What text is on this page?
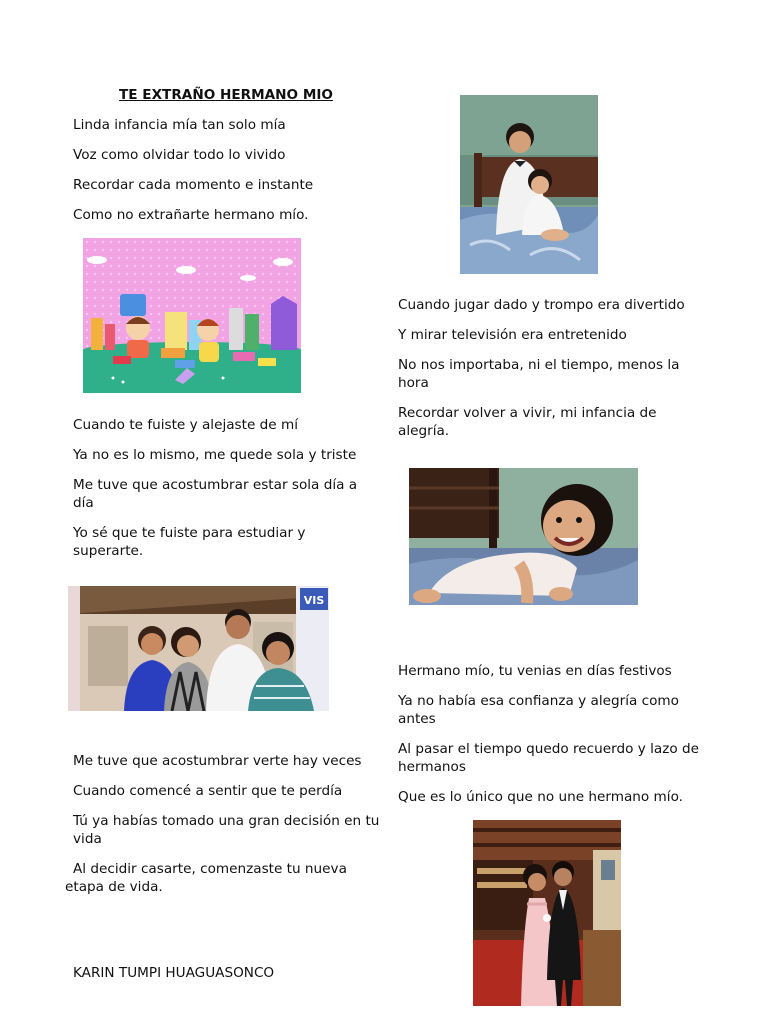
TE EXTRAÑO HERMANO MIO
Linda infancia mía tan solo mía
Voz como olvidar todo lo vivido
Recordar cada momento e instante
Como no extrañarte hermano mío.
Cuando te fuiste y alejaste de mí
Ya no es lo mismo, me quede sola y triste
Me tuve que acostumbrar estar sola día a día
Yo sé que te fuiste para estudiar y superarte.
VIS
Me tuve que acostumbrar verte hay veces
Cuando comencé a sentir que te perdía
Tú ya habías tomado una gran decisión en tu vida
Al decidir casarte, comenzaste tu nueva etapa de vida.
KARIN TUMPI HUAGUASONCO
Cuando jugar dado y trompo era divertido
Y mirar televisión era entretenido
No nos importaba, ni el tiempo, menos la hora
Recordar volver a vivir, mi infancia de alegría.
Hermano mío, tu venias en días festivos
Ya no había esa confianza y alegría como antes
Al pasar el tiempo quedo recuerdo y lazo de hermanos
Que es lo único que no une hermano mío.
